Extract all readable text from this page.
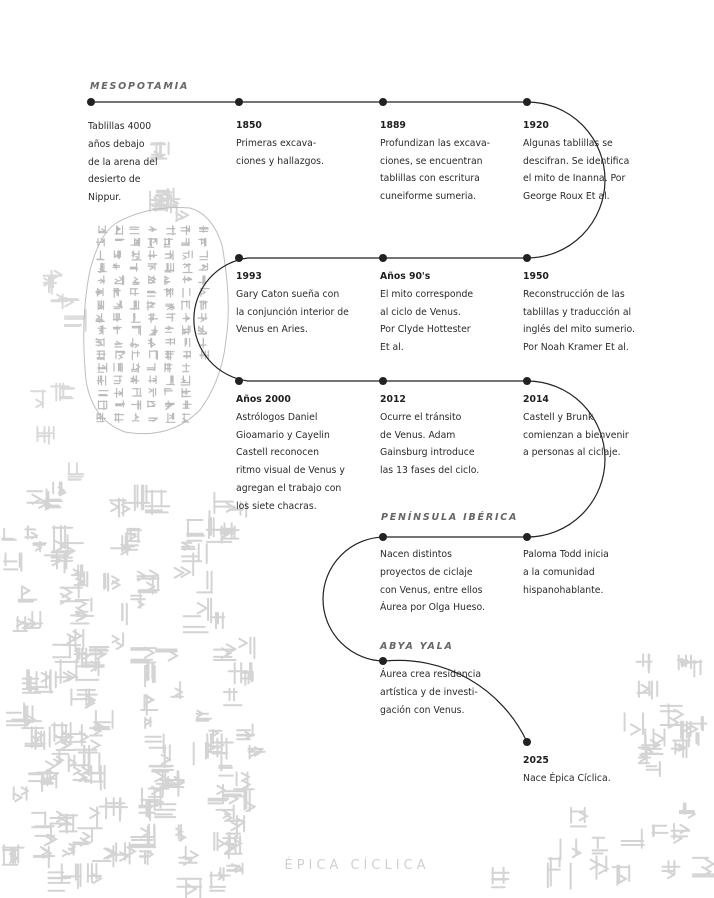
MESOPOTAMIA
PENÍNSULA IBÉRICA
ABYA YALA
Tablillas 4000
años debajo
de la arena del
desierto de
Nippur.
1850
Primeras excava-
ciones y hallazgos.
1889
Profundizan las excava-
ciones, se encuentran
tablillas con escritura
cuneiforme sumeria.
1920
Algunas tablillas se
descifran. Se identifica
el mito de Inanna. Por
George Roux Et al.
1993
Gary Caton sueña con
la conjunción interior de
Venus en Aries.
Años 90's
El mito corresponde
al ciclo de Venus.
Por Clyde Hottester
Et al.
1950
Reconstrucción de las
tablillas y traducción al
inglés del mito sumerio.
Por Noah Kramer Et al.
Años 2000
Astrólogos Daniel
Gioamario y Cayelin
Castell reconocen
ritmo visual de Venus y
agregan el trabajo con
los siete chacras.
2012
Ocurre el tránsito
de Venus. Adam
Gainsburg introduce
las 13 fases del ciclo.
2014
Castell y Brunk
comienzan a bienvenir
a personas al ciclaje.
Nacen distintos
proyectos de ciclaje
con Venus, entre ellos
Áurea por Olga Hueso.
Paloma Todd inicia
a la comunidad
hispanohablante.
Áurea crea residencia
artística y de investi-
gación con Venus.
2025
Nace Épica Cíclica.
ÉPICA CÍCLICA
